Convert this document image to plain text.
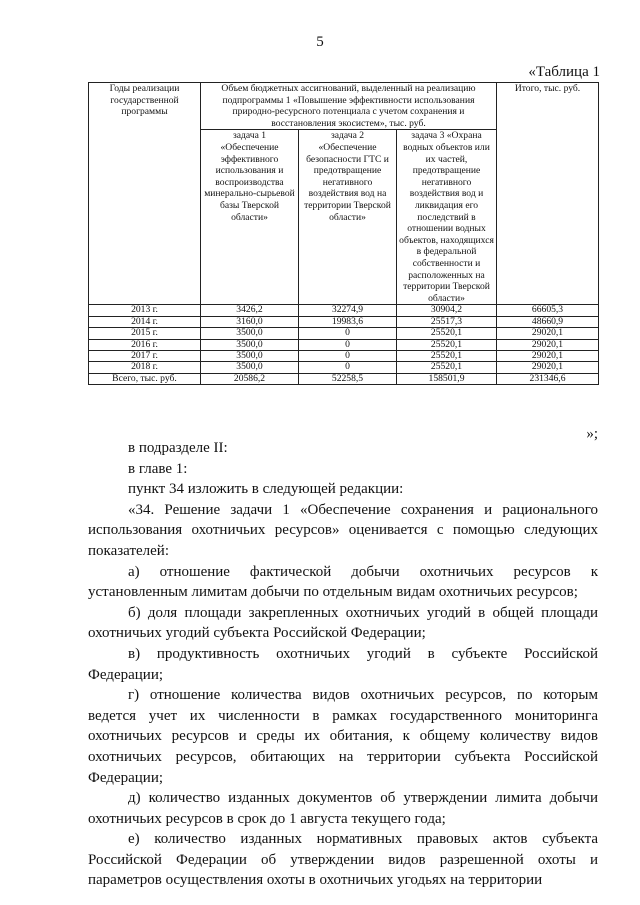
5
«Таблица 1
Годы реализации государственной программы	Объем бюджетных ассигнований, выделенный на реализацию подпрограммы 1 «Повышение эффективности использования природно-ресурсного потенциала с учетом сохранения и восстановления экосистем», тыс. руб.			Итого, тыс. руб.
	задача 1 «Обеспечение эффективного использования и воспроизводства минерально-сырьевой базы Тверской области»	задача 2 «Обеспечение безопасности ГТС и предотвращение негативного воздействия вод на территории Тверской области»	задача 3 «Охрана водных объектов или их частей, предотвращение негативного воздействия вод и ликвидация его последствий в отношении водных объектов, находящихся в федеральной собственности и расположенных на территории Тверской области»	
2013 г.	3426,2	32274,9	30904,2	66605,3
2014 г.	3160,0	19983,6	25517,3	48660,9
2015 г.	3500,0	0	25520,1	29020,1
2016 г.	3500,0	0	25520,1	29020,1
2017 г.	3500,0	0	25520,1	29020,1
2018 г.	3500,0	0	25520,1	29020,1
Всего, тыс. руб.	20586,2	52258,5	158501,9	231346,6
»;

в подразделе II:

в главе 1:

пункт 34 изложить в следующей редакции:

«34. Решение задачи 1 «Обеспечение сохранения и рационального использования охотничьих ресурсов» оценивается с помощью следующих показателей:

а) отношение фактической добычи охотничьих ресурсов к установленным лимитам добычи по отдельным видам охотничьих ресурсов;

б) доля площади закрепленных охотничьих угодий в общей площади охотничьих угодий субъекта Российской Федерации;

в) продуктивность охотничьих угодий в субъекте Российской Федерации;

г) отношение количества видов охотничьих ресурсов, по которым ведется учет их численности в рамках государственного мониторинга охотничьих ресурсов и среды их обитания, к общему количеству видов охотничьих ресурсов, обитающих на территории субъекта Российской Федерации;

д) количество изданных документов об утверждении лимита добычи охотничьих ресурсов в срок до 1 августа текущего года;

е) количество изданных нормативных правовых актов субъекта Российской Федерации об утверждении видов разрешенной охоты и параметров осуществления охоты в охотничьих угодьях на территории
